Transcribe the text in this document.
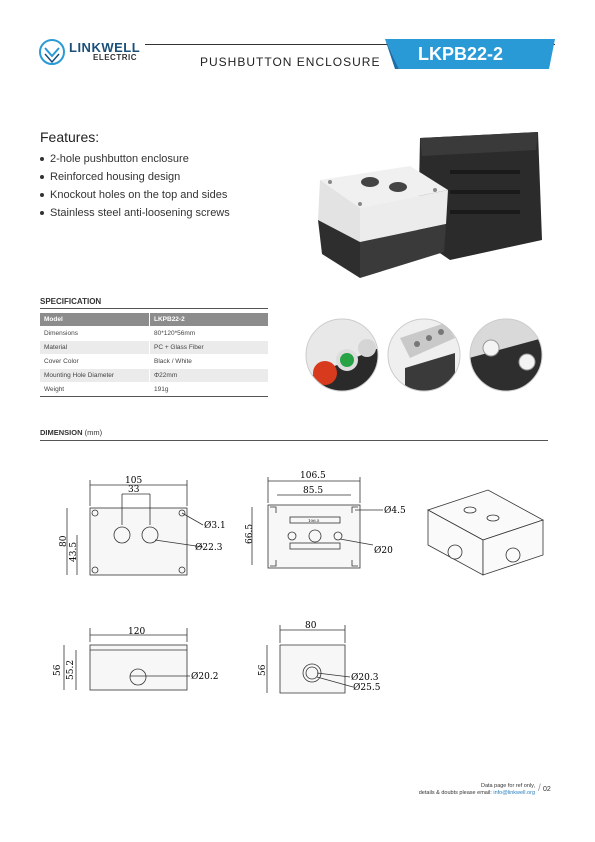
LINKWELL
ELECTRIC	PUSHBUTTON ENCLOSURE LKPB22-2
Features:
2-hole pushbutton enclosure
Reinforced housing design
Knockout holes on the top and sides
Stainless steel anti-loosening screws
SPECIFICATION
Model	LKPB22-2
Dimensions	80*120*56mm
Material	PC + Glass Fiber
Cover Color	Black / White
Mounting Hole Diameter	Φ22mm
Weight	191g
DIMENSION (mm)
105
33
80
43.5
Ø3.1
Ø22.3
106.5
85.5
66.5
Ø4.5
Ø20
106.5
120
56 55.2	Ø20.2
80
56
Ø20.3
Ø25.5
Data page for ref only,
details & doubts please email: info@linkwell.org / 02
